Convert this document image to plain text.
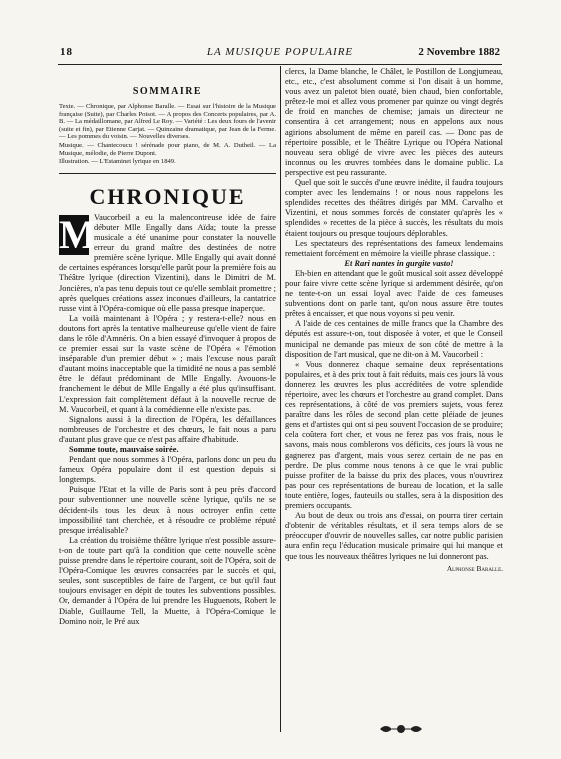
18	LA MUSIQUE POPULAIRE	2 Novembre 1882
SOMMAIRE

Texte. — Chronique, par Alphonse Baralle. — Essai sur l'histoire de la Musique française (Suite), par Charles Poisot. — A propos des Concerts populaires, par A. B. — La médaillomane, par Alfred Le Roy. — Variété : Les deux fours de l'avenir (suite et fin), par Etienne Carjat. — Quinzaine dramatique, par Jean de la Ferme. — Les pommes du voisin. — Nouvelles diverses.

Musique. — Chantecoucu ! sérénade pour piano, de M. A. Dutheil. — La Musique, mélodie, de Pierre Dupont.

Illustration. — L'Estaminet lyrique en 1849.

CHRONIQUE
M

Vaucorbeil a eu la malencontreuse idée de faire débuter Mlle Engally dans Aïda; toute la presse musicale a été unanime pour constater la nouvelle erreur du grand maître des destinées de notre première scène lyrique. Mlle Engally qui avait donné de certaines espérances lorsqu'elle parût pour la première fois au Théâtre lyrique (direction Vizentini), dans le Dimitri de M. Joncières, n'a pas tenu depuis tout ce qu'elle semblait promettre ; après quelques créations assez inconues d'ailleurs, la cantatrice russe vint à l'Opéra-comique où elle passa presque inaperçue.

La voilà maintenant à l'Opéra ; y restera-t-elle? nous en doutons fort après la tentative malheureuse qu'elle vient de faire dans le rôle d'Amnéris. On a bien essayé d'invoquer à propos de ce premier essai sur la vaste scène de l'Opéra « l'émotion inséparable d'un premier début » ; mais l'excuse nous paraît d'autant moins inacceptable que la timidité ne nous a pas semblé être le défaut prédominant de Mlle Engally. Avouons-le franchement le début de Mlle Engally a été plus qu'insuffisant. L'expression fait complètement défaut à la nouvelle recrue de M. Vaucorbeil, et quant à la comédienne elle n'existe pas.

Signalons aussi à la direction de l'Opéra, les défaillances nombreuses de l'orchestre et des chœurs, le fait nous a paru d'autant plus grave que ce n'est pas affaire d'habitude.

Somme toute, mauvaise soirée.

Pendant que nous sommes à l'Opéra, parlons donc un peu du fameux Opéra populaire dont il est question depuis si longtemps.

Puisque l'Etat et la ville de Paris sont à peu près d'accord pour subventionner une nouvelle scène lyrique, qu'ils ne se décident-ils tous les deux à nous octroyer enfin cette impossibilité tant cherchée, et à résoudre ce problème réputé presque irréalisable?

La création du troisième théâtre lyrique n'est possible assure-t-on de toute part qu'à la condition que cette nouvelle scène puisse prendre dans le répertoire courant, soit de l'Opéra, soit de l'Opéra-Comique les œuvres consacrées par le succès et qui, seules, sont susceptibles de faire de l'argent, ce but qu'il faut toujours envisager en dépit de toutes les subventions possibles. Or, demander à l'Opéra de lui prendre les Huguenots, Robert le Diable, Guillaume Tell, la Muette, à l'Opéra-Comique le Domino noir, le Pré aux

clercs, la Dame blanche, le Châlet, le Postillon de Longjumeau, etc., etc., c'est absolument comme si l'on disait à un homme, vous avez un paletot bien ouaté, bien chaud, bien confortable, prêtez-le moi et allez vous promener par quinze ou vingt degrés de froid en manches de chemise; jamais un directeur ne consentira à cet arrangement; nous en appelons aux nous agirions absolument de même en pareil cas. — Donc pas de répertoire possible, et le Théâtre Lyrique ou l'Opéra National nouveau sera obligé de vivre avec les pièces des auteurs inconnus ou les œuvres tombées dans le domaine public. La perspective est peu rassurante.

Quel que soit le succès d'une œuvre inédite, il faudra toujours compter avec les lendemains ! or nous nous rappelons les splendides recettes des théâtres dirigés par MM. Carvalho et Vizentini, et nous sommes forcés de constater qu'après les « splendides » recettes de la pièce à succès, les résultats du mois étaient toujours ou presque toujours déplorables.

Les spectateurs des représentations des fameux lendemains remettaient forcément en mémoire la vieille phrase classique. :

Et Rari nantes in gurgite vasto!

Eh-bien en attendant que le goût musical soit assez développé pour faire vivre cette scène lyrique si ardemment désirée, qu'on ne tente-t-on un essai loyal avec l'aide de ces fameuses subventions dont on parle tant, qu'on nous assure être toutes prêtes à encaisser, et que nous voyons si peu venir.

A l'aide de ces centaines de mille francs que la Chambre des députés est assure-t-on, tout disposée à voter, et que le Conseil municipal ne demande pas mieux de son côté de mettre à la disposition de l'art musical, que ne dit-on à M. Vaucorbeil :

« Vous donnerez chaque semaine deux représentations populaires, et à des prix tout à fait réduits, mais ces jours là vous donnerez les œuvres les plus accréditées de votre splendide répertoire, avec les chœurs et l'orchestre au grand complet. Dans ces représentations, à côté de vos premiers sujets, vous ferez paraître dans les rôles de second plan cette pléiade de jeunes gens et d'artistes qui ont si peu souvent l'occasion de se produire; cela coûtera fort cher, et vous ne ferez pas vos frais, nous le savons, mais nous comblerons vos déficits, ces jours là vous ne gagnerez pas d'argent, mais vous serez certain de ne pas en perdre. De plus comme nous tenons à ce que le vrai public puisse profiter de la baisse du prix des places, vous n'ouvrirez pas pour ces représentations de bureau de location, et la salle toute entière, loges, fauteuils ou stalles, sera à la disposition des premiers occupants.

Au bout de deux ou trois ans d'essai, on pourra tirer certain d'obtenir de véritables résultats, et il sera temps alors de se préoccuper d'ouvrir de nouvelles salles, car notre public parisien aura enfin reçu l'éducation musicale primaire qui lui manque et que tous les nouveaux théâtres lyriques ne lui donneront pas.

Alphonse Baralle.
